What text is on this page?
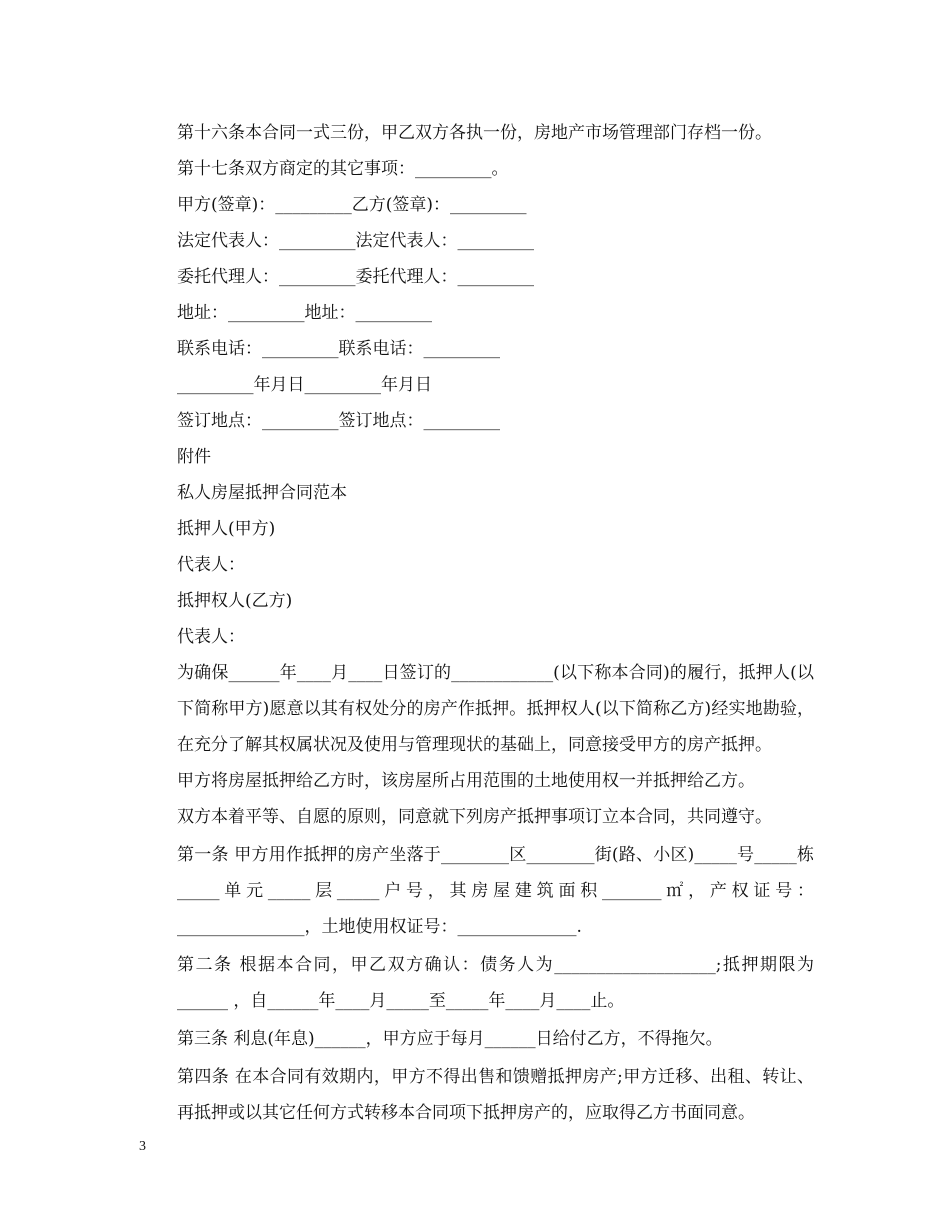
第十六条本合同一式三份，甲乙双方各执一份，房地产市场管理部门存档一份。

第十七条双方商定的其它事项：_________。

甲方(签章)：_________乙方(签章)：_________

法定代表人：_________法定代表人：_________

委托代理人：_________委托代理人：_________

地址：_________地址：_________

联系电话：_________联系电话：_________

_________年月日_________年月日

签订地点：_________签订地点：_________

附件

私人房屋抵押合同范本

抵押人(甲方)

代表人：

抵押权人(乙方)

代表人：

为确保______年____月____日签订的____________(以下称本合同)的履行，抵押人(以下简称甲方)愿意以其有权处分的房产作抵押。抵押权人(以下简称乙方)经实地勘验，在充分了解其权属状况及使用与管理现状的基础上，同意接受甲方的房产抵押。

甲方将房屋抵押给乙方时，该房屋所占用范围的土地使用权一并抵押给乙方。

双方本着平等、自愿的原则，同意就下列房产抵押事项订立本合同，共同遵守。

第一条 甲方用作抵押的房产坐落于________区________街(路、小区)_____号_____栋_____单元_____层_____户号，其房屋建筑面积_______㎡，产权证号：_______________，土地使用权证号：______________.

第二条 根据本合同，甲乙双方确认：债务人为___________________;抵押期限为______ ，自______年____月_____至_____年____月____止。

第三条 利息(年息)______，甲方应于每月______日给付乙方，不得拖欠。

第四条 在本合同有效期内，甲方不得出售和馈赠抵押房产;甲方迁移、出租、转让、再抵押或以其它任何方式转移本合同项下抵押房产的，应取得乙方书面同意。

3
